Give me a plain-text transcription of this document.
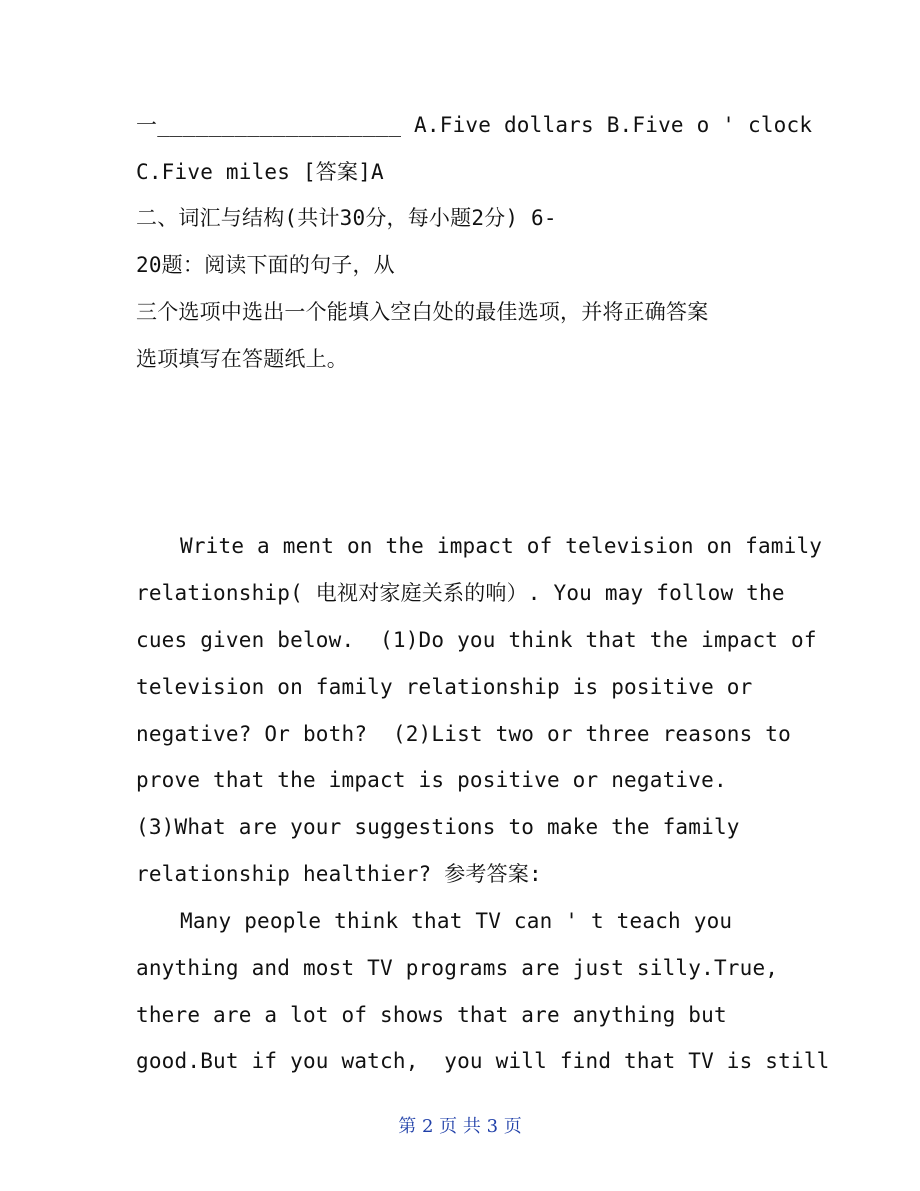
一___________________ A.Five dollars B.Five o ' clock
C.Five miles [答案]A
二、词汇与结构(共计30分，每小题2分) 6-
20题：阅读下面的句子，从
三个选项中选出一个能填入空白处的最佳选项，并将正确答案
选项填写在答题纸上。
Write a ment on the impact of television on family
relationship( 电视对家庭关系的响）. You may follow the
cues given below.  (1)Do you think that the impact of
television on family relationship is positive or
negative? Or both?  (2)List two or three reasons to
prove that the impact is positive or negative.
(3)What are your suggestions to make the family
relationship healthier? 参考答案:
Many people think that TV can ' t teach you
anything and most TV programs are just silly.True,
there are a lot of shows that are anything but
good.But if you watch,  you will find that TV is still
第 2 页 共 3 页
